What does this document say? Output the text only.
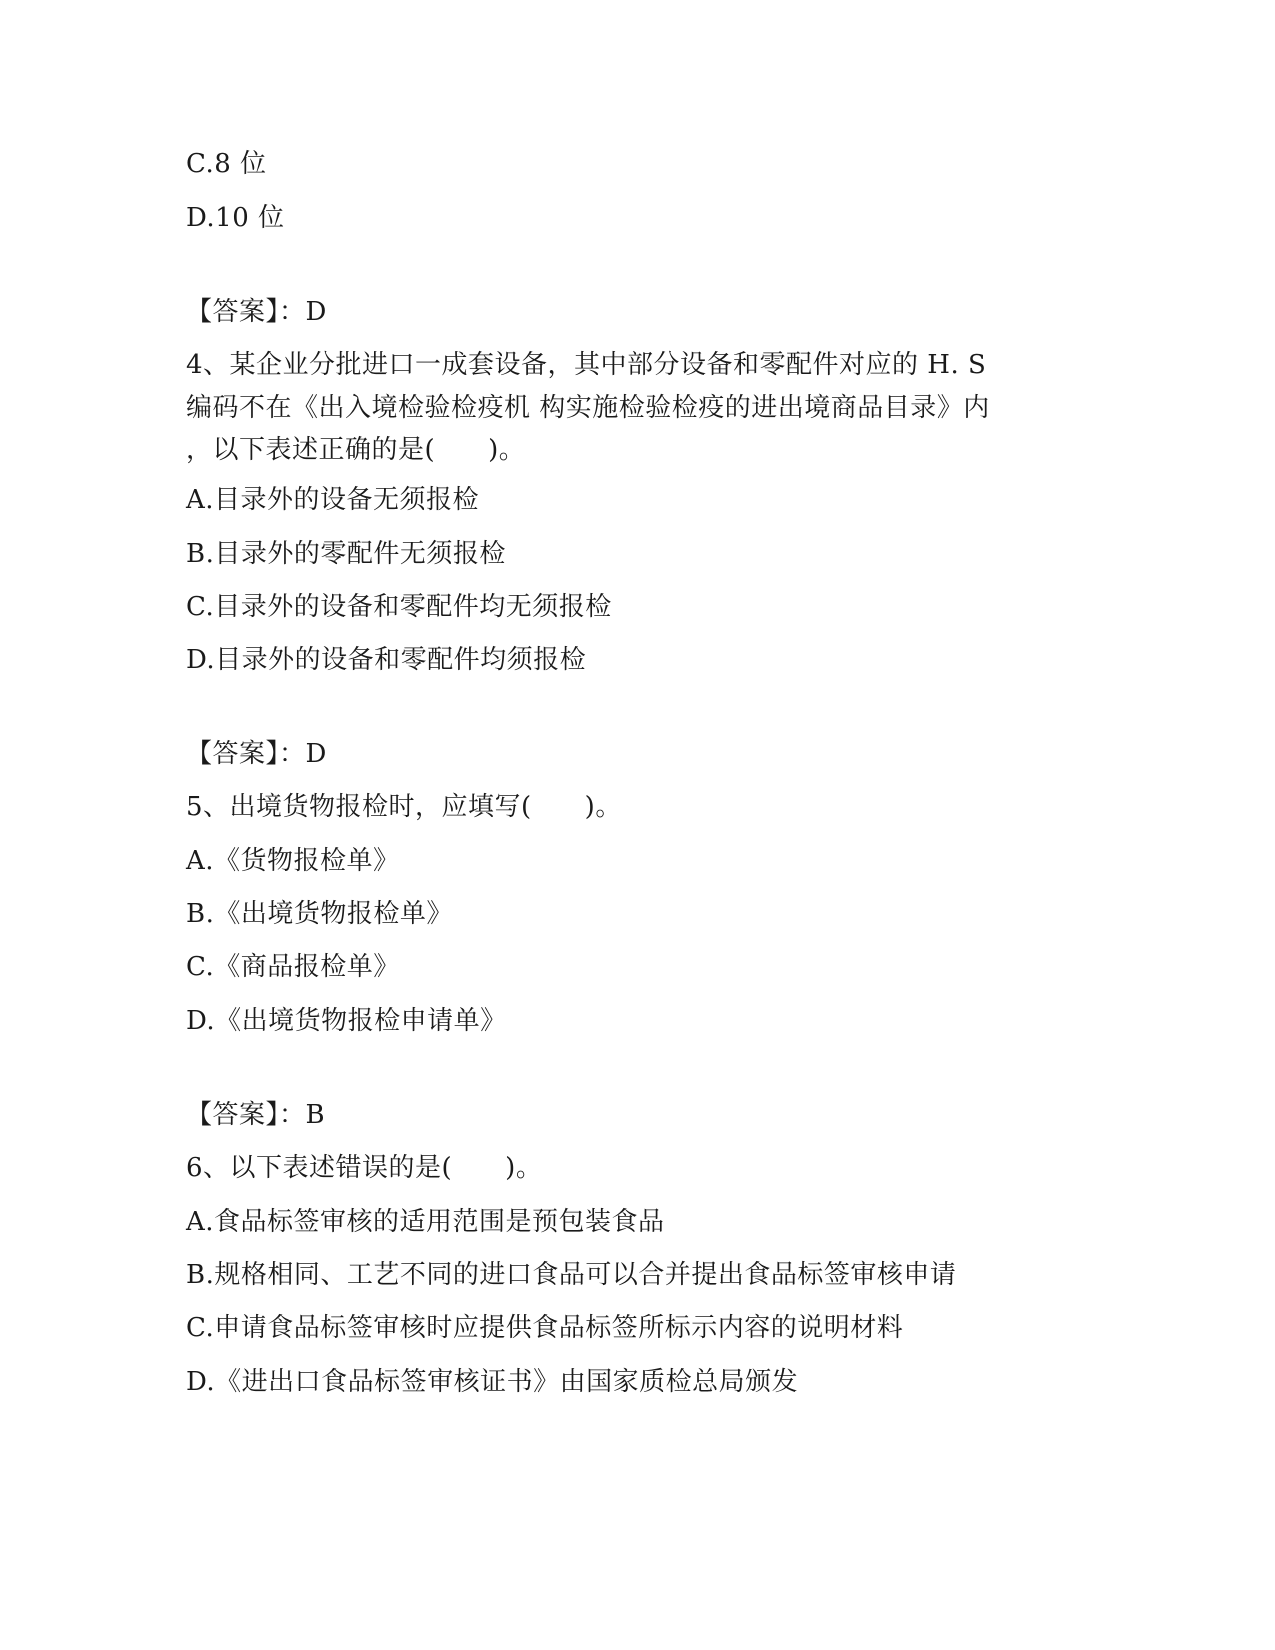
C.8 位
D.10 位
【答案】：D
4、某企业分批进口一成套设备，其中部分设备和零配件对应的 H. S
编码不在《出入境检验检疫机 构实施检验检疫的进出境商品目录》内
，以下表述正确的是(　　)。
A.目录外的设备无须报检
B.目录外的零配件无须报检
C.目录外的设备和零配件均无须报检
D.目录外的设备和零配件均须报检
【答案】：D
5、出境货物报检时，应填写(　　)。
A.《货物报检单》
B.《出境货物报检单》
C.《商品报检单》
D.《出境货物报检申请单》
【答案】：B
6、以下表述错误的是(　　)。
A.食品标签审核的适用范围是预包装食品
B.规格相同、工艺不同的进口食品可以合并提出食品标签审核申请
C.申请食品标签审核时应提供食品标签所标示内容的说明材料
D.《进出口食品标签审核证书》由国家质检总局颁发
